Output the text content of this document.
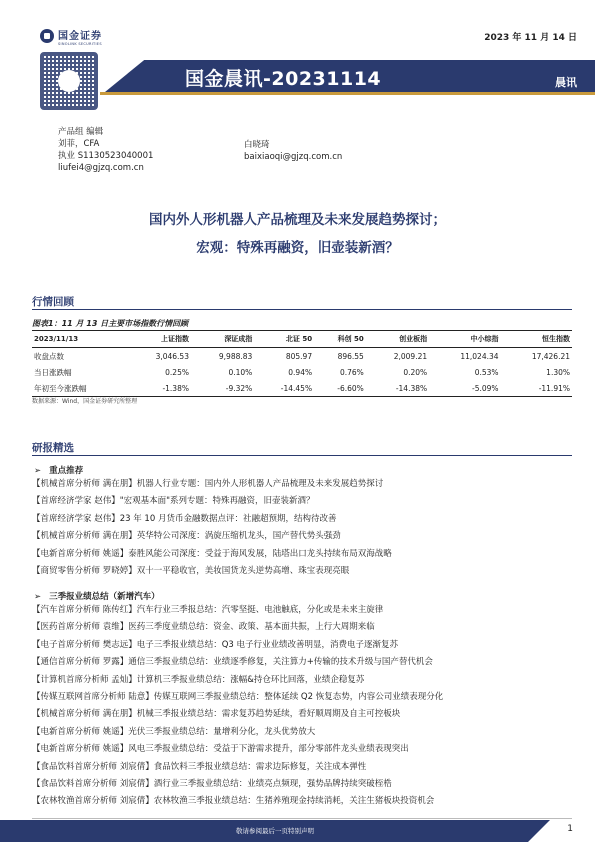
国金证券
SINOLINK SECURITIES
2023 年 11 月 14 日
国金晨讯-20231114	晨讯
产品组 编辑
刘菲，CFA
执业 S1130523040001
liufei4@gjzq.com.cn
白晓琦
baixiaoqi@gjzq.com.cn
国内外人形机器人产品梳理及未来发展趋势探讨；
宏观：特殊再融资，旧壶装新酒？
行情回顾
图表1：11 月 13 日主要市场指数行情回顾
2023/11/13	上证指数	深证成指	北证 50	科创 50	创业板指	中小综指	恒生指数
收盘点数	3,046.53	9,988.83	805.97	896.55	2,009.21	11,024.34	17,426.21
当日涨跌幅	0.25%	0.10%	0.94%	0.76%	0.20%	0.53%	1.30%
年初至今涨跌幅	-1.38%	-9.32%	-14.45%	-6.60%	-14.38%	-5.09%	-11.91%
数据来源：Wind，国金证券研究所整理
研报精选
➢ 重点推荐
【机械首席分析师 满在朋】机器人行业专题：国内外人形机器人产品梳理及未来发展趋势探讨
【首席经济学家 赵伟】"宏观基本面"系列专题：特殊再融资，旧壶装新酒？
【首席经济学家 赵伟】23 年 10 月货币金融数据点评：社融超预期，结构待改善
【机械首席分析师 满在朋】英华特公司深度：涡旋压缩机龙头，国产替代势头强劲
【电新首席分析师 姚遥】泰胜风能公司深度：受益于海风发展，陆塔出口龙头持续布局双海战略
【商贸零售分析师 罗晓婷】双十一平稳收官，美妆国货龙头逆势高增、珠宝表现亮眼
➢ 三季报业绩总结（新增汽车）
【汽车首席分析师 陈传红】汽车行业三季报总结：汽零坚挺、电池触底，分化或是未来主旋律
【医药首席分析师 袁维】医药三季度业绩总结：资金、政策、基本面共振，上行大周期来临
【电子首席分析师 樊志远】电子三季报业绩总结：Q3 电子行业业绩改善明显，消费电子逐渐复苏
【通信首席分析师 罗露】通信三季报业绩总结：业绩逐季修复，关注算力+传输的技术升级与国产替代机会
【计算机首席分析师 孟灿】计算机三季报业绩总结：涨幅&持仓环比回落，业绩企稳复苏
【传媒互联网首席分析师 陆意】传媒互联网三季报业绩总结：整体延续 Q2 恢复态势，内容公司业绩表现分化
【机械首席分析师 满在朋】机械三季报业绩总结：需求复苏趋势延续，看好顺周期及自主可控板块
【电新首席分析师 姚遥】光伏三季报业绩总结：量增利分化，龙头优势放大
【电新首席分析师 姚遥】风电三季报业绩总结：受益于下游需求提升，部分零部件龙头业绩表现突出
【食品饮料首席分析师 刘宸倩】食品饮料三季报业绩总结：需求边际修复，关注成本弹性
【食品饮料首席分析师 刘宸倩】酒行业三季报业绩总结：业绩亮点频现，强势品牌持续突破桎梏
【农林牧渔首席分析师 刘宸倩】农林牧渔三季报业绩总结：生猪养殖现金持续消耗，关注生猪板块投资机会
敬请参阅最后一页特别声明	1
